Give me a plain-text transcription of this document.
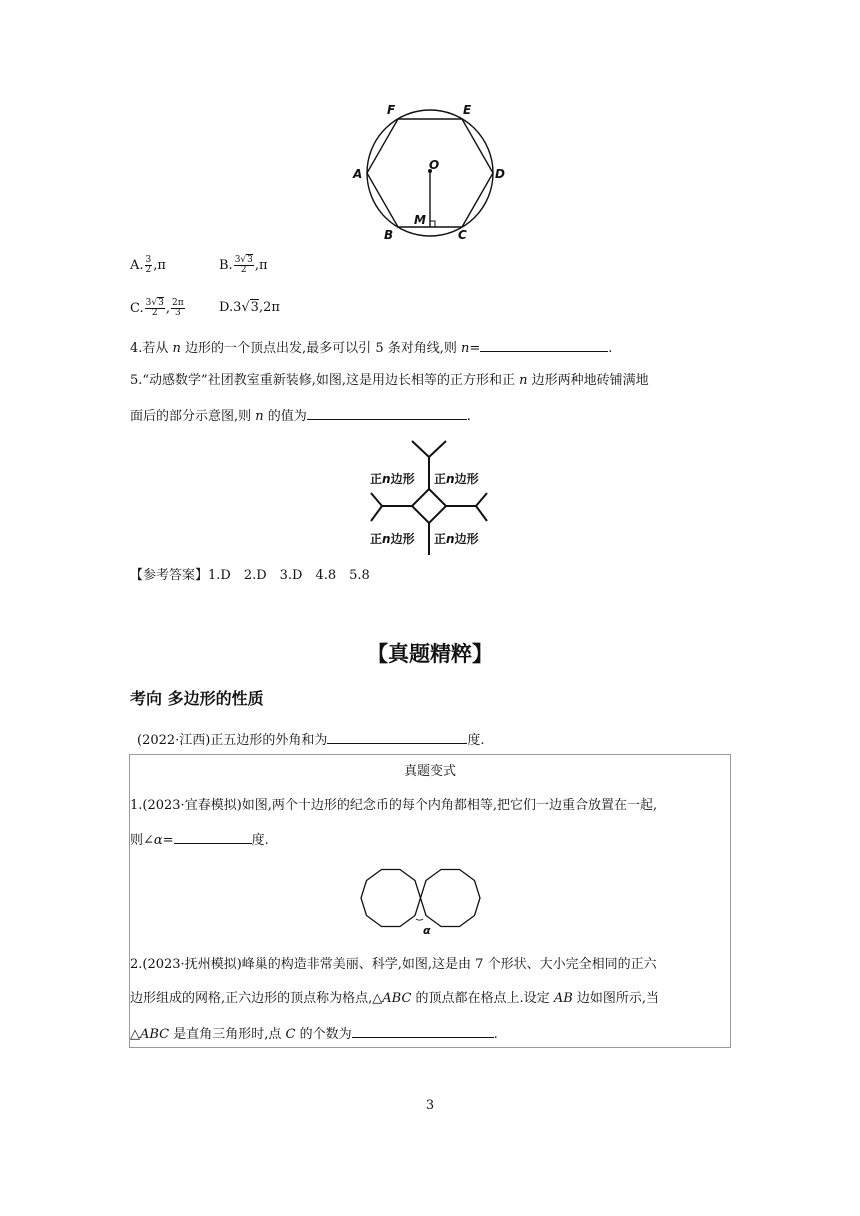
F	E
A
O
D
M
B	C
A. $\frac{3}{2} ,\pi$	B. $\frac{3√3}{2} ,\pi$
C. $\frac{3√3}{2}$ , $\frac{2\pi}{3}$	D.3√3,2π
4.若从 n 边形的一个顶点出发,最多可以引 5 条对角线,则 n=	.
5.“动感数学”社团教室重新装修,如图,这是用边长相等的正方形和正 n 边形两种地砖铺满地
面后的部分示意图,则 n 的值为	.
正n边形 正n边形
正n边形 正n边形
【参考答案】1.D　2.D　3.D　4.8　5.8
【真题精粹】
考向 多边形的性质
(2022·江西)正五边形的外角和为	度.
真题变式
1.(2023·宜春模拟)如图,两个十边形的纪念币的每个内角都相等,把它们一边重合放置在一起,
则∠α=	度.
α
2.(2023·抚州模拟)峰巢的构造非常美丽、科学,如图,这是由 7 个形状、大小完全相同的正六
边形组成的网格,正六边形的顶点称为格点,△ABC 的顶点都在格点上.设定 AB 边如图所示,当
△ABC 是直角三角形时,点 C 的个数为	.
3
